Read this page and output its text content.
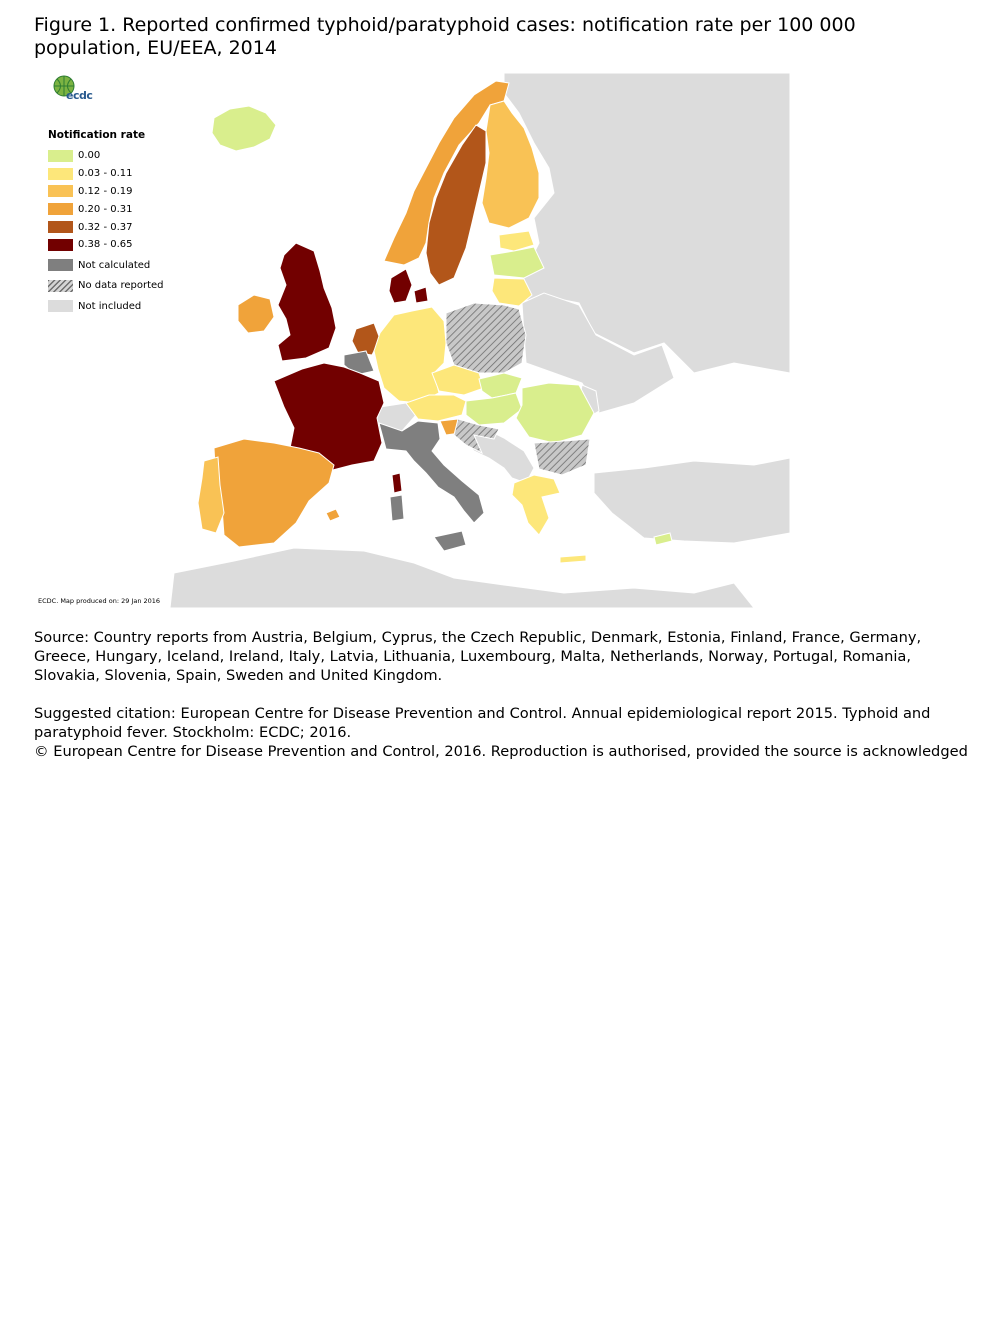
Figure 1. Reported confirmed typhoid/paratyphoid cases: notification rate per 100 000 population, EU/EEA, 2014
ecdc
Notification rate
0.00
0.03 - 0.11
0.12 - 0.19
0.20 - 0.31
0.32 - 0.37
0.38 - 0.65
Not calculated
No data reported
Not included
ECDC. Map produced on: 29 Jan 2016

Source: Country reports from Austria, Belgium, Cyprus, the Czech Republic, Denmark, Estonia, Finland, France, Germany, Greece, Hungary, Iceland, Ireland, Italy, Latvia, Lithuania, Luxembourg, Malta, Netherlands, Norway, Portugal, Romania, Slovakia, Slovenia, Spain, Sweden and United Kingdom.

Suggested citation: European Centre for Disease Prevention and Control. Annual epidemiological report 2015. Typhoid and paratyphoid fever. Stockholm: ECDC; 2016.

© European Centre for Disease Prevention and Control, 2016. Reproduction is authorised, provided the source is acknowledged
